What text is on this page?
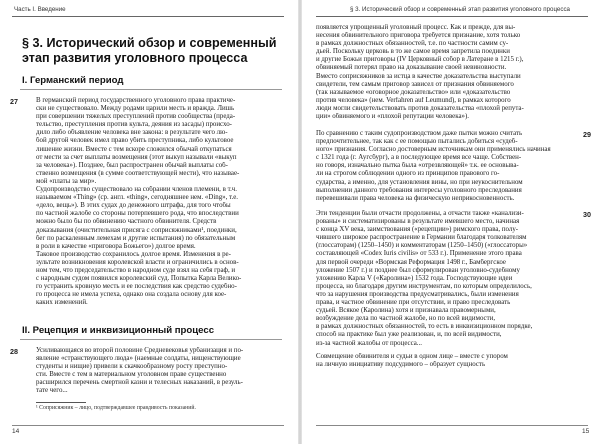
Часть I. Введение
§ 3. Исторический обзор и современный этап развития уголовного процесса
I. Германский период
27	В германский период государственного уголовного права практиче-
ски не существовало. Между родами царили месть и вражда. Лишь
при совершении тяжелых преступлений против сообщества (преда-
тельство, преступления против культа, деяния из засады) происхо-
дило либо объявление человека вне закона: в результате чего лю-
бой другой человек имел право убить преступника, либо культовое
лишение жизни. Вместе с тем вскоре сложился обычай откупаться
от мести за счет выплаты возмещения (этот выкуп называли «выкуп
за человека»). Позднее, был распространен обычай выплаты соб-
ственно возмещения (в сумме соответствующей мести), что называе-
мой «платы за мир».
Судопроизводство существовало на собрании членов племени, в т.ч.
называемом «Thing» (ср. англ. «thing», сегодняшнее нем. «Ding», т.е.
«дело, вещь»). В этих судах до денежного штрафа, для того чтобы
по частной жалобе со стороны потерпевшего рода, что впоследствии
можно было бы по обвинению частного обвинителя. Средств
доказывания (очистительная присяга с соприсяжниками¹, поединки,
бег по раскаленным лемехам и другие испытания) по обязательным
в роли в качестве «приговора Божьего») долгое время.
Таковое производство сохранилось долгое время. Изменения в ре-
зультате возникновения королевской власти и ограничились в основ-
ном тем, что председательство в народном суде взял на себя граф, и
с народным судом появился королевский суд. Попытка Карла Велико-
го устранить кровную месть и ее последствия как средство судебно-
го процесса не имела успеха, однако она создала основу для кое-
каких изменений.
II. Рецепция и инквизиционный процесс
28	Усиливающаяся во второй половине Средневековья урбанизация и по-
явление «странствующего люда» (наемные солдаты, нищенствующие
студенты и нищие) привели к скачкообразному росту преступно-
сти. Вместе с тем в материальном уголовном праве существенно
расширился перечень смертной казни и телесных наказаний, в резуль-
тате чего...
¹ Соприсяжник – лицо, подтверждавшее правдивость показаний.
14
§ 3. Исторический обзор и современный этап развития уголовного процесса
появляется упрощенный уголовный процесс. Как и прежде, для вы-
несения обвинительного приговора требуется признание, хотя только
в рамках должностных обязанностей, т.е. по частности самим су-
дьей. Поскольку церковь в то же самое время запретила поединки
и другие Божьи приговоры (IV Церковный собор в Латеране в 1215 г.),
обвиняемый потерял право на доказывание своей невиновности.
Вместо соприсяжников за истца в качестве доказательства выступали
свидетели, тем самым приговор зависел от признания обвиняемого
(так называемое «оговорное доказательство» или «доказательство
против человека» (нем. Verfahren auf Leumund), в рамках которого
люди могли свидетельствовать против доказательства «плохой репута-
ции» обвиняемого и «плохой репутации человека»).
29
По сравнению с таким судопроизводством даже пытки можно считать
предпочтительнее, так как с ее помощью пытались добиться «судеб-
ного» признания. Согласно достоверным источникам они применялись начиная
с 1321 года (г. Аугсбург), а в последующее время все чаще. Собствен-
но говоря, изначально пытка была «отрезвляющей» т.к. ее основыва-
ли на строгом соблюдении одного из принципов правового го-
сударства, а именно, для установления вины, но при неукоснительном
выполнении данного требования интересы уголовного преследования
перевешивали права человека на физическую неприкосновенность.
30
Эти тенденции были отчасти продолжены, а отчасти также «канализи-
рованы» и систематизированы в результате имевшего место, начиная
с конца XV века, заимствования («рецепции») римского права, полу-
чившего широкое распространение в Германии благодаря толкователям
(глоссаторам) (1250–1450) и комментаторам (1250–1450) («глоссаторы»
составляющей «Codex Iuris civilis» от 533 г.). Применение этого права
для первой очереди «Вормская Реформация 1498 г., Бамбергское
уложение 1507 г.) и позднее был сформулирован уголовно-судебному
уложению Карла V («Каролина») 1532 года. Господствующие идеи
процесса, но благодаря другим инструментам, по которым определилось,
что за нарушения производства предусматривались, были изменения
права, и частное обвинение при отсутствии, и право преследовать
судьей. Всякое (Каролина) хотя и признавала правомерными,
возбуждение дела по частной жалобе, но по всей видимости,
в рамках должностных обязанностей, то есть в инквизиционном порядке,
способ на практике был уже реализован, и, по всей видимости,
из-за частной жалобы от процесса...
Совмещение обвинителя и судьи в одном лице – вместе с упором
на личную инициативу подсудимого – образует сущность
15
